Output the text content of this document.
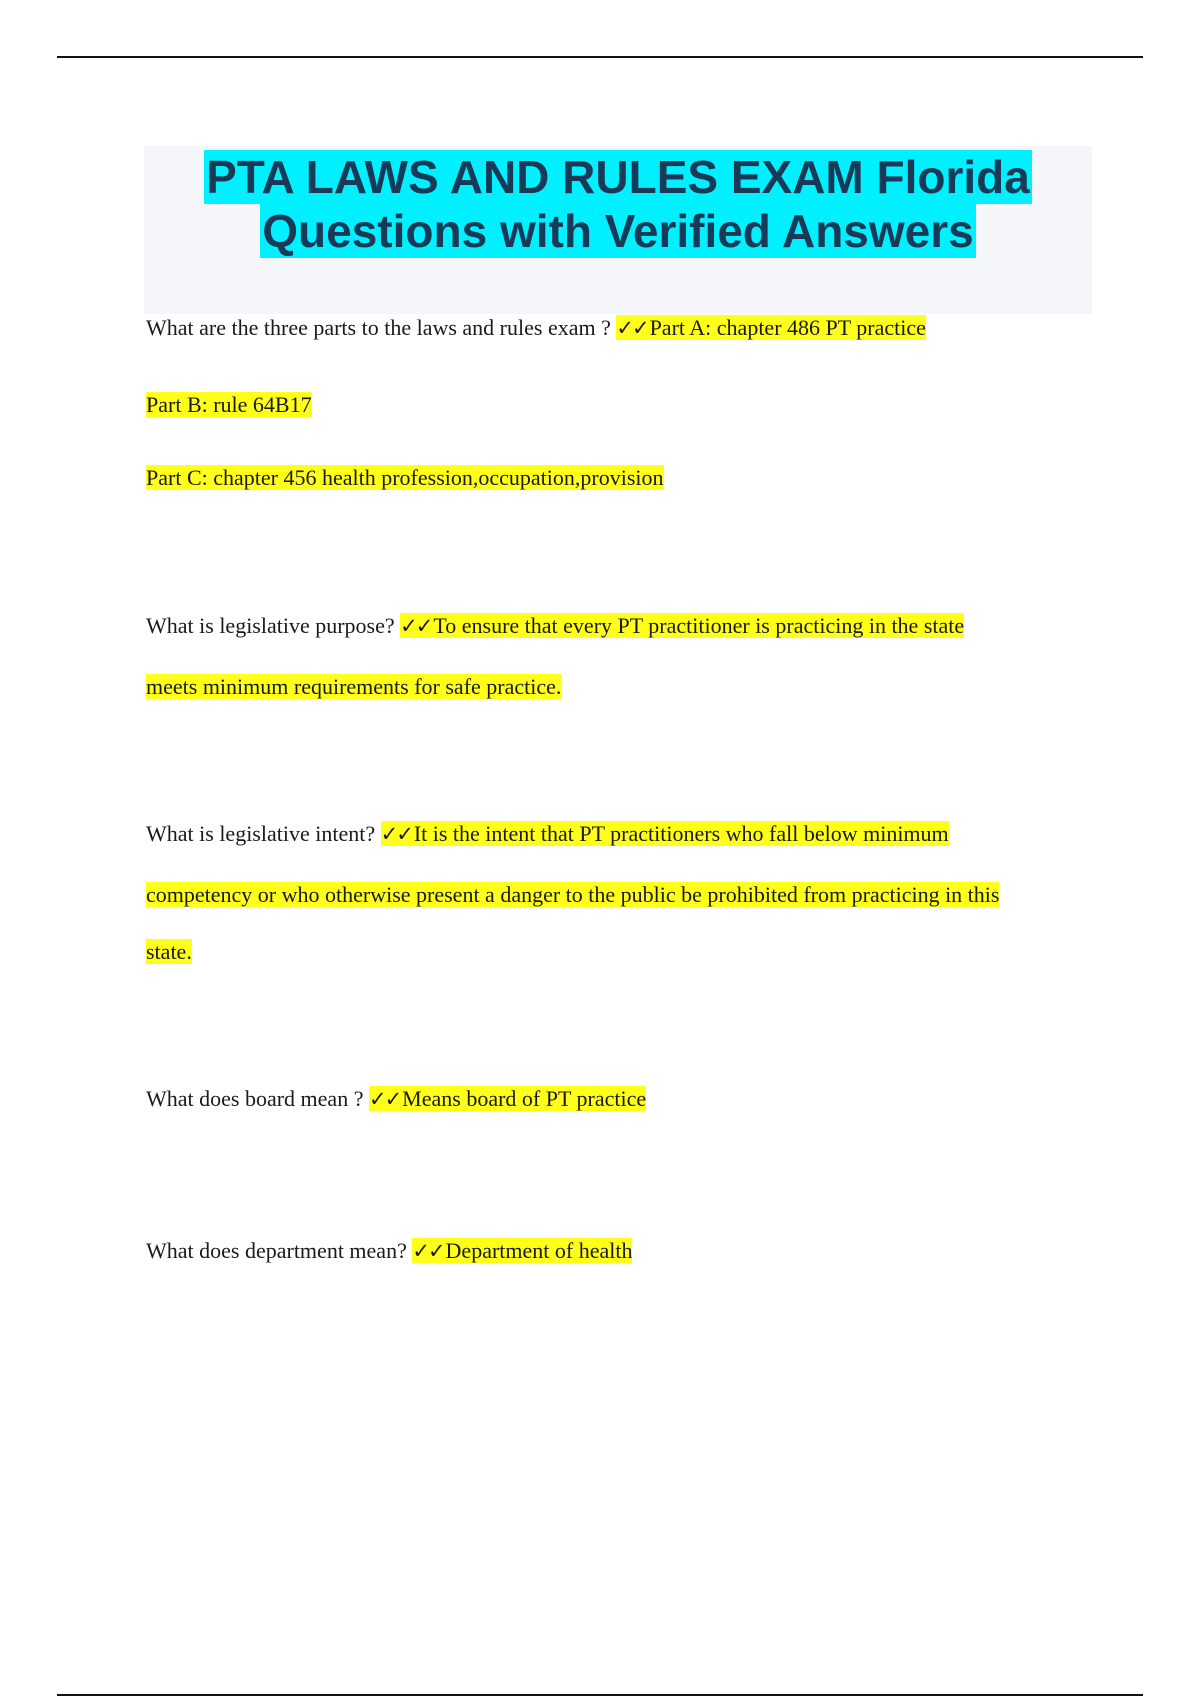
PTA LAWS AND RULES EXAM Florida
Questions with Verified Answers
What are the three parts to the laws and rules exam ? ✓✓Part A: chapter 486 PT practice
Part B: rule 64B17
Part C: chapter 456 health profession,occupation,provision
What is legislative purpose? ✓✓To ensure that every PT practitioner is practicing in the state
meets minimum requirements for safe practice.
What is legislative intent? ✓✓It is the intent that PT practitioners who fall below minimum
competency or who otherwise present a danger to the public be prohibited from practicing in this
state.
What does board mean ? ✓✓Means board of PT practice
What does department mean? ✓✓Department of health
